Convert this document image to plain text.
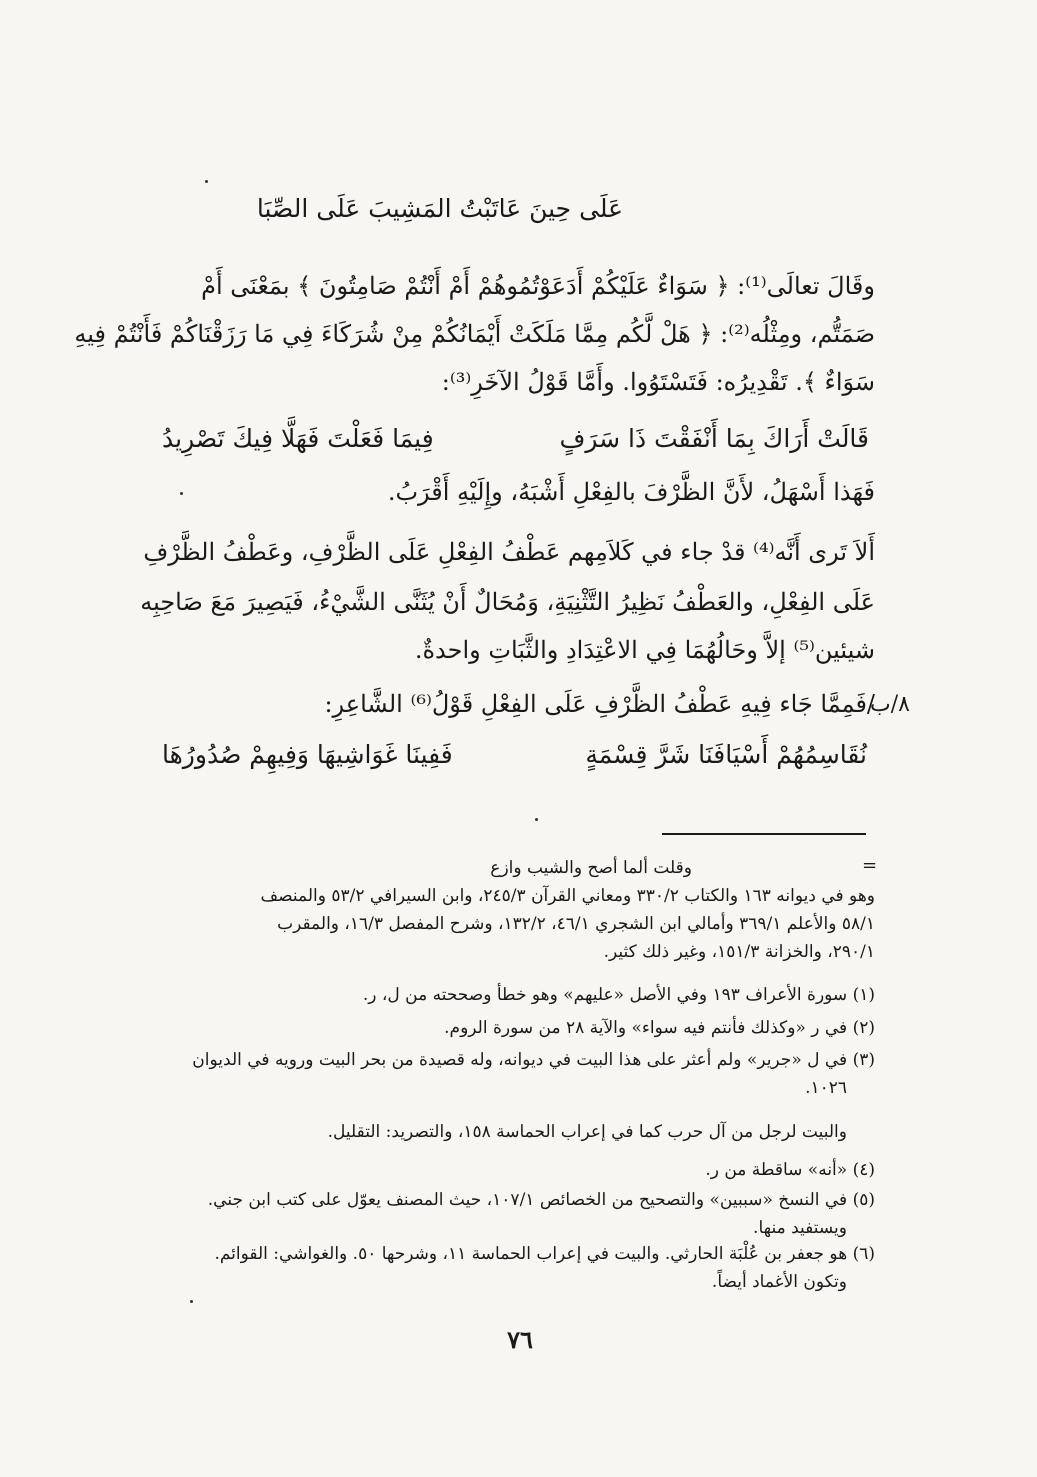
عَلَى حِينَ عَاتَبْتُ المَشِيبَ عَلَى الصِّبَا
وقَالَ تعالَى⁽¹⁾: ﴿ سَوَاءٌ عَلَيْكُمْ أَدَعَوْتُمُوهُمْ أَمْ أَنْتُمْ صَامِتُونَ ﴾ بمَعْنَى أَمْ
صَمَتُّم، ومِثْلُه⁽²⁾: ﴿ هَلْ لَّكُم مِمَّا مَلَكَتْ أَيْمَانُكُمْ مِنْ شُرَكَاءَ فِي مَا رَزَقْنَاكُمْ فَأَنْتُمْ فِيهِ
سَوَاءٌ ﴾. تَقْدِيرُه: فَتَسْتَوُوا. وأَمَّا قَوْلُ الآخَرِ⁽³⁾:
قَالَتْ أَرَاكَ بِمَا أَنْفَقْتَ ذَا سَرَفٍ
فِيمَا فَعَلْتَ فَهَلَّا فِيكَ تَصْرِيدُ
فَهَذا أَسْهَلُ، لأَنَّ الظَّرْفَ بالفِعْلِ أَشْبَهُ، وإِلَيْهِ أَقْرَبُ.
أَلاَ تَرى أَنَّه⁽⁴⁾ قدْ جاء في كَلاَمِهم عَطْفُ الفِعْلِ عَلَى الظَّرْفِ، وعَطْفُ الظَّرْفِ
عَلَى الفِعْلِ، والعَطْفُ نَظِيرُ التَّثْنِيَةِ، وَمُحَالٌ أَنْ يُثَنَّى الشَّيْءُ، فَيَصِيرَ مَعَ صَاحِبِه
شيئين⁽⁵⁾ إلاَّ وحَالُهُمَا فِي الاعْتِدَادِ والثَّبَاتِ واحدةٌ.
/فَمِمَّا جَاء فِيهِ عَطْفُ الظَّرْفِ عَلَى الفِعْلِ قَوْلُ⁽⁶⁾ الشَّاعِرِ:
٨/ب
نُقَاسِمُهُمْ أَسْيَافَنَا شَرَّ قِسْمَةٍ
فَفِينَا غَوَاشِيهَا وَفِيهِمْ صُدُورُهَا
=
وقلت ألما أصح والشيب وازع
وهو في ديوانه ١٦٣ والكتاب ٣٣٠/٢ ومعاني القرآن ٢٤٥/٣، وابن السيرافي ٥٣/٢ والمنصف
٥٨/١ والأعلم ٣٦٩/١ وأمالي ابن الشجري ٤٦/١، ١٣٢/٢، وشرح المفصل ١٦/٣، والمقرب
٢٩٠/١، والخزانة ١٥١/٣، وغير ذلك كثير.
(١) سورة الأعراف ١٩٣ وفي الأصل «عليهم» وهو خطأ وصححته من ل، ر.
(٢) في ر «وكذلك فأنتم فيه سواء» والآية ٢٨ من سورة الروم.
(٣) في ل «جرير» ولم أعثر على هذا البيت في ديوانه، وله قصيدة من بحر البيت ورويه في الديوان
١٠٢٦.
والبيت لرجل من آل حرب كما في إعراب الحماسة ١٥٨، والتصريد: التقليل.
(٤) «أنه» ساقطة من ر.
(٥) في النسخ «سببين» والتصحيح من الخصائص ١٠٧/١، حيث المصنف يعوّل على كتب ابن جني.
ويستفيد منها.
(٦) هو جعفر بن عُلْبَة الحارثي. والبيت في إعراب الحماسة ١١، وشرحها ٥٠. والغواشي: القوائم.
وتكون الأغماد أيضاً.
٧٦
